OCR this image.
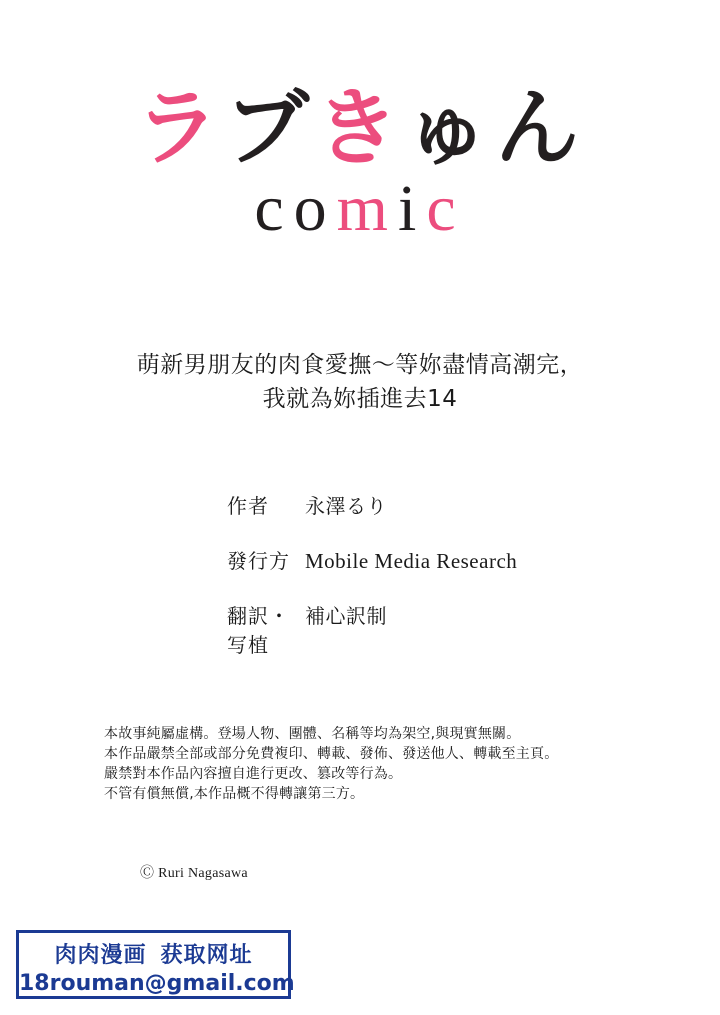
ラブきゅん
comic
萌新男朋友的肉食愛撫～等妳盡情高潮完，
我就為妳插進去14
作者	永澤るり
發行方 Mobile Media Research
翻訳・写植
補心訳制
本故事純屬虛構。登場人物、團體、名稱等均為架空,與現實無關。
本作品嚴禁全部或部分免費複印、轉載、發佈、發送他人、轉載至主頁。
嚴禁對本作品內容擅自進行更改、篡改等行為。
不管有償無償,本作品概不得轉讓第三方。
Ⓒ Ruri Nagasawa
肉肉漫画 获取网址
18rouman@gmail.com
